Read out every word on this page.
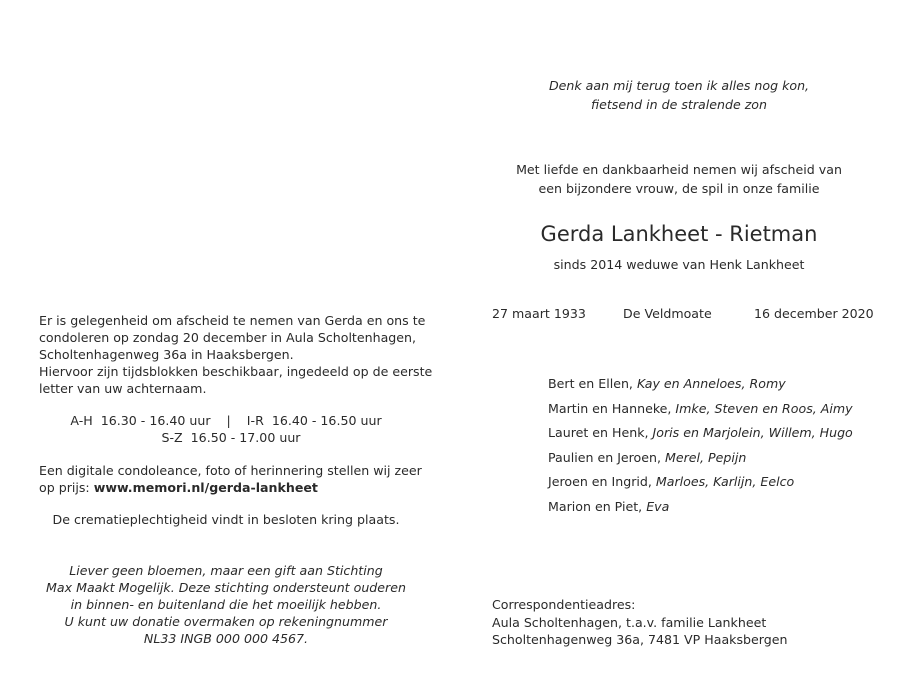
Denk aan mij terug toen ik alles nog kon,
fietsend in de stralende zon
Met liefde en dankbaarheid nemen wij afscheid van
een bijzondere vrouw, de spil in onze familie
Gerda Lankheet - Rietman
sinds 2014 weduwe van Henk Lankheet
27 maart 1933	De Veldmoate	16 december 2020
Bert en Ellen, Kay en Anneloes, Romy
Martin en Hanneke, Imke, Steven en Roos, Aimy
Lauret en Henk, Joris en Marjolein, Willem, Hugo
Paulien en Jeroen, Merel, Pepijn
Jeroen en Ingrid, Marloes, Karlijn, Eelco
Marion en Piet, Eva
Correspondentieadres:
Aula Scholtenhagen, t.a.v. familie Lankheet
Scholtenhagenweg 36a, 7481 VP Haaksbergen
Er is gelegenheid om afscheid te nemen van Gerda en ons te
condoleren op zondag 20 december in Aula Scholtenhagen,
Scholtenhagenweg 36a in Haaksbergen.
Hiervoor zijn tijdsblokken beschikbaar, ingedeeld op de eerste
letter van uw achternaam.
A-H  16.30 - 16.40 uur    |    I-R  16.40 - 16.50 uur
S-Z  16.50 - 17.00 uur
Een digitale condoleance, foto of herinnering stellen wij zeer
op prijs: www.memori.nl/gerda-lankheet
De crematieplechtigheid vindt in besloten kring plaats.
Liever geen bloemen, maar een gift aan Stichting
Max Maakt Mogelijk. Deze stichting ondersteunt ouderen
in binnen- en buitenland die het moeilijk hebben.
U kunt uw donatie overmaken op rekeningnummer
NL33 INGB 000 000 4567.
